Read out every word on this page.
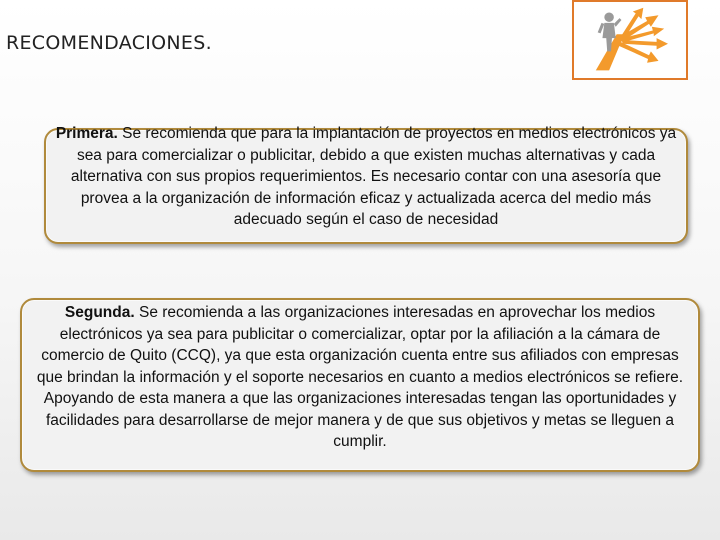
RECOMENDACIONES.

Primera. Se recomienda que para la implantación de proyectos en medios electrónicos ya sea para comercializar o publicitar, debido a que existen muchas alternativas y cada alternativa con sus propios requerimientos. Es necesario contar con una asesoría que provea a la organización de información eficaz y actualizada acerca del medio más adecuado según el caso de necesidad

Segunda. Se recomienda a las organizaciones interesadas en aprovechar los medios electrónicos ya sea para publicitar o comercializar, optar por la afiliación a la cámara de comercio de Quito (CCQ), ya que esta organización cuenta entre sus afiliados con empresas que brindan la información y el soporte necesarios en cuanto a medios electrónicos se refiere. Apoyando de esta manera a que las organizaciones interesadas tengan las oportunidades y facilidades para desarrollarse de mejor manera y de que sus objetivos y metas se lleguen a cumplir.
